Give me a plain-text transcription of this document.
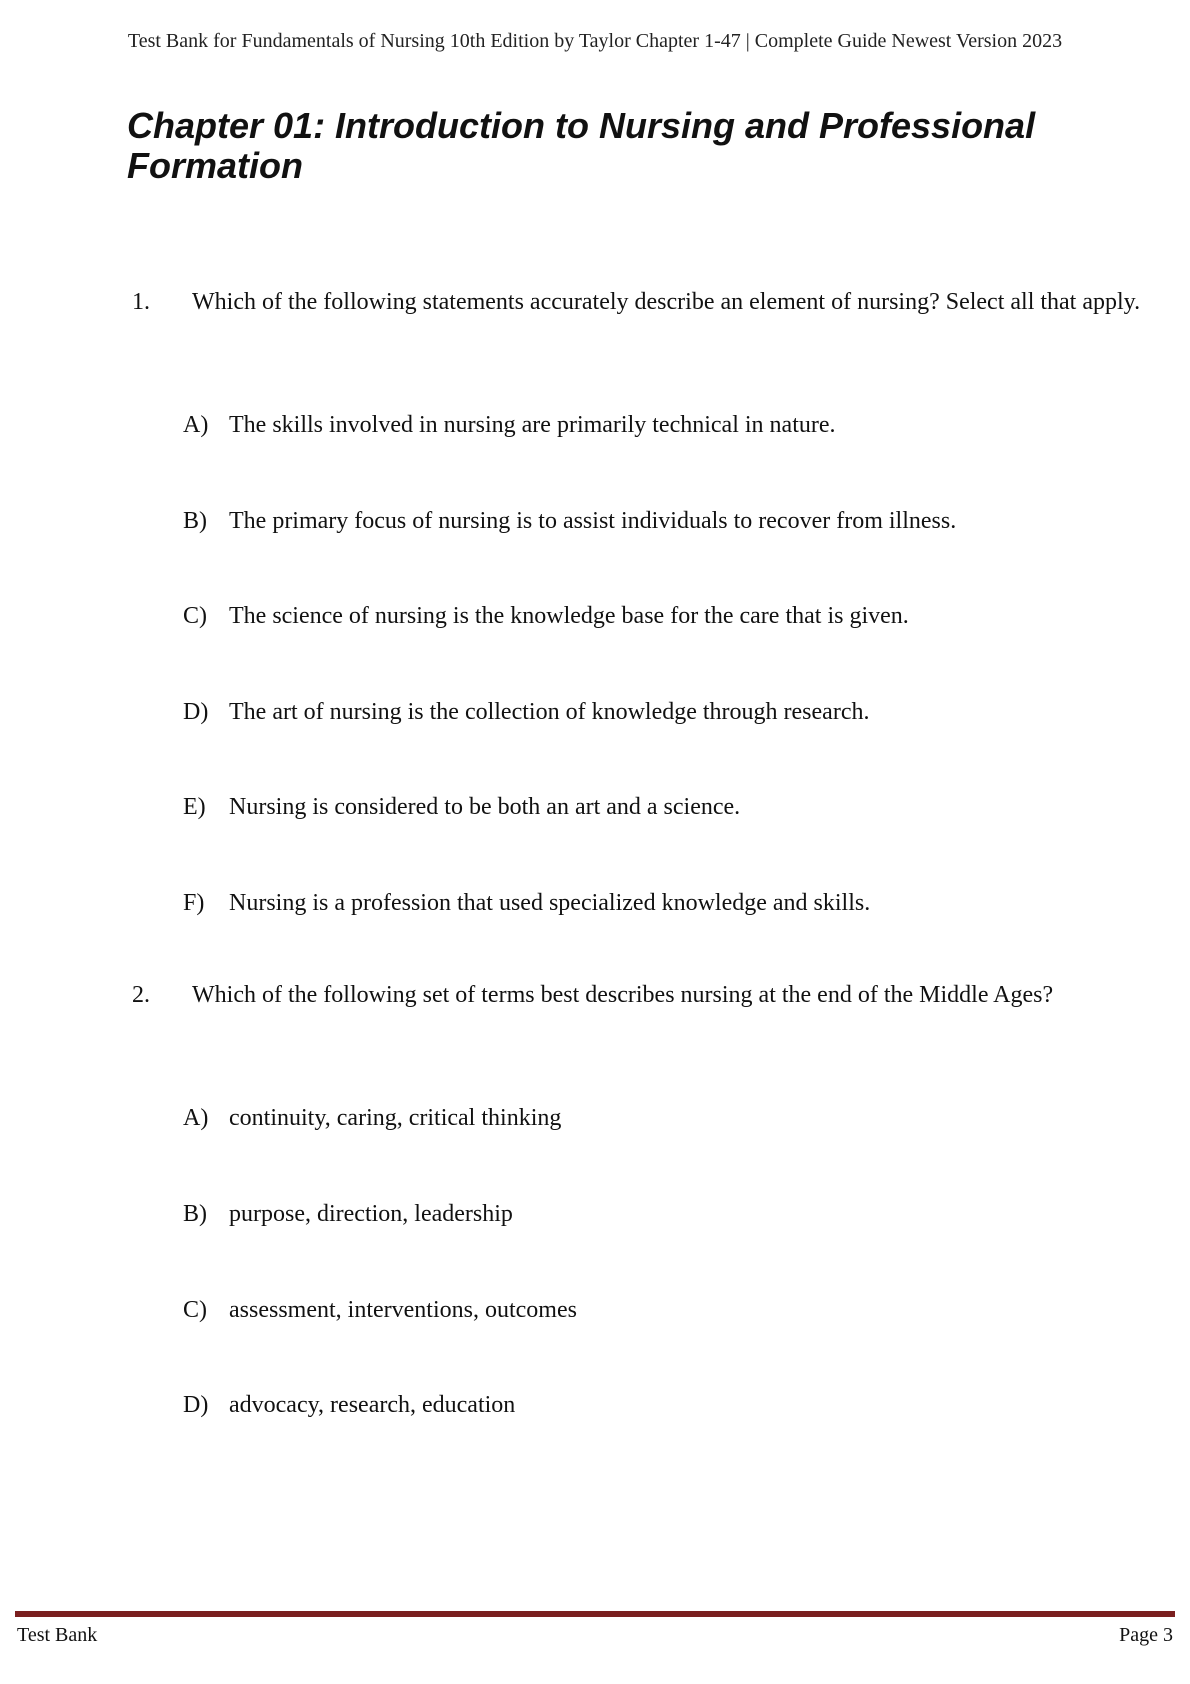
Test Bank for Fundamentals of Nursing 10th Edition by Taylor Chapter 1-47 | Complete Guide Newest Version 2023
Chapter 01: Introduction to Nursing and Professional Formation
1. Which of the following statements accurately describe an element of nursing? Select all that apply.
A) The skills involved in nursing are primarily technical in nature.
B) The primary focus of nursing is to assist individuals to recover from illness.
C) The science of nursing is the knowledge base for the care that is given.
D) The art of nursing is the collection of knowledge through research.
E) Nursing is considered to be both an art and a science.
F) Nursing is a profession that used specialized knowledge and skills.
2. Which of the following set of terms best describes nursing at the end of the Middle Ages?
A) continuity, caring, critical thinking
B) purpose, direction, leadership
C) assessment, interventions, outcomes
D) advocacy, research, education
Test Bank	Page 3
